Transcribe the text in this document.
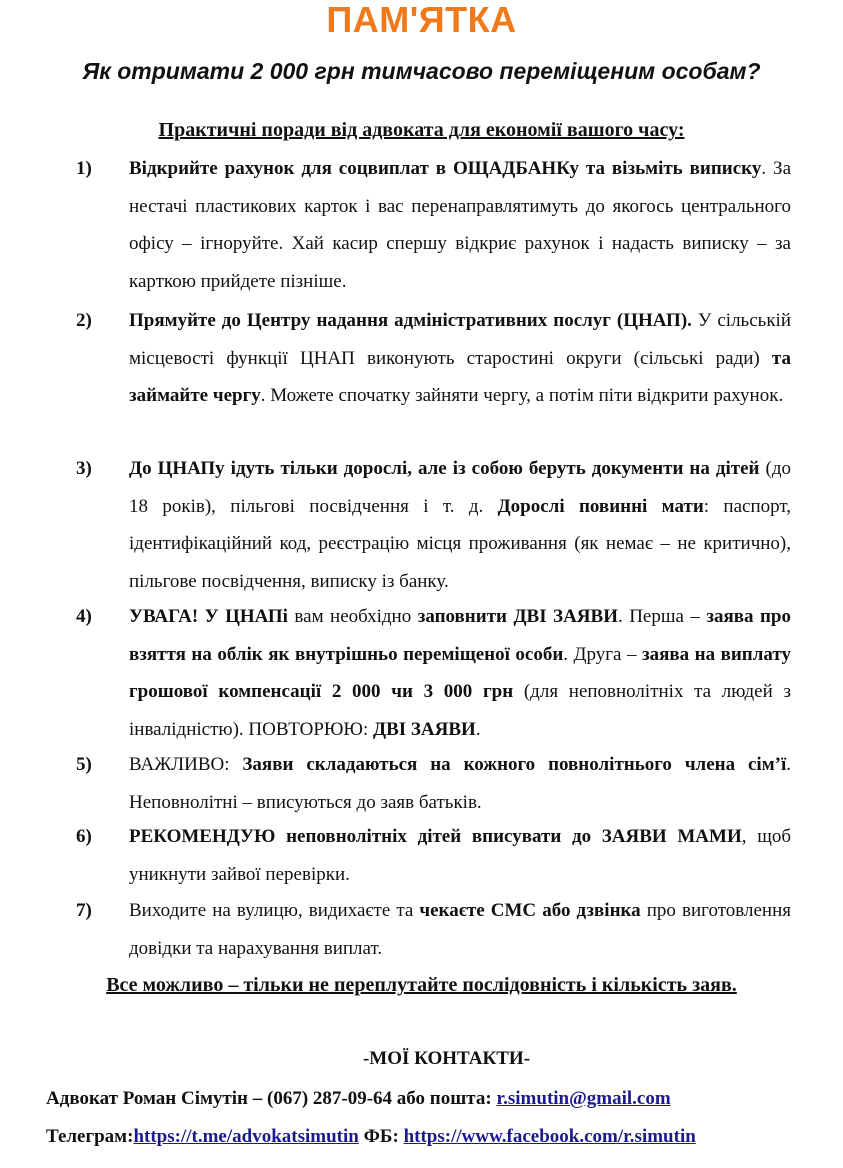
ПАМ'ЯТКА
Як отримати 2 000 грн тимчасово переміщеним особам?
Практичні поради від адвоката для економії вашого часу:
1)	Відкрийте рахунок для соцвиплат в ОЩАДБАНКу та візьміть виписку. За нестачі пластикових карток і вас перенаправлятимуть до якогось центрального офісу – ігноруйте. Хай касир спершу відкриє рахунок і надасть виписку – за карткою прийдете пізніше.
2)	Прямуйте до Центру надання адміністративних послуг (ЦНАП). У сільській місцевості функції ЦНАП виконують старостині округи (сільські ради) та займайте чергу. Можете спочатку зайняти чергу, а потім піти відкрити рахунок.
3)	До ЦНАПу ідуть тільки дорослі, але із собою беруть документи на дітей (до 18 років), пільгові посвідчення і т. д. Дорослі повинні мати: паспорт, ідентифікаційний код, реєстрацію місця проживання (як немає – не критично), пільгове посвідчення, виписку із банку.
4)	УВАГА! У ЦНАПі вам необхідно заповнити ДВІ ЗАЯВИ. Перша – заява про взяття на облік як внутрішньо переміщеної особи. Друга – заява на виплату грошової компенсації 2 000 чи 3 000 грн (для неповнолітніх та людей з інвалідністю). ПОВТОРЮЮ: ДВІ ЗАЯВИ.
5)	ВАЖЛИВО: Заяви складаються на кожного повнолітнього члена сім’ї. Неповнолітні – вписуються до заяв батьків.
6)	РЕКОМЕНДУЮ неповнолітніх дітей вписувати до ЗАЯВИ МАМИ, щоб уникнути зайвої перевірки.
7)	Виходите на вулицю, видихаєте та чекаєте СМС або дзвінка про виготовлення довідки та нарахування виплат.
Все можливо – тільки не переплутайте послідовність і кількість заяв.
-МОЇ КОНТАКТИ-
Адвокат Роман Сімутін – (067) 287-09-64 або пошта: r.simutin@gmail.com
Телеграм:https://t.me/advokatsimutin ФБ: https://www.facebook.com/r.simutin
